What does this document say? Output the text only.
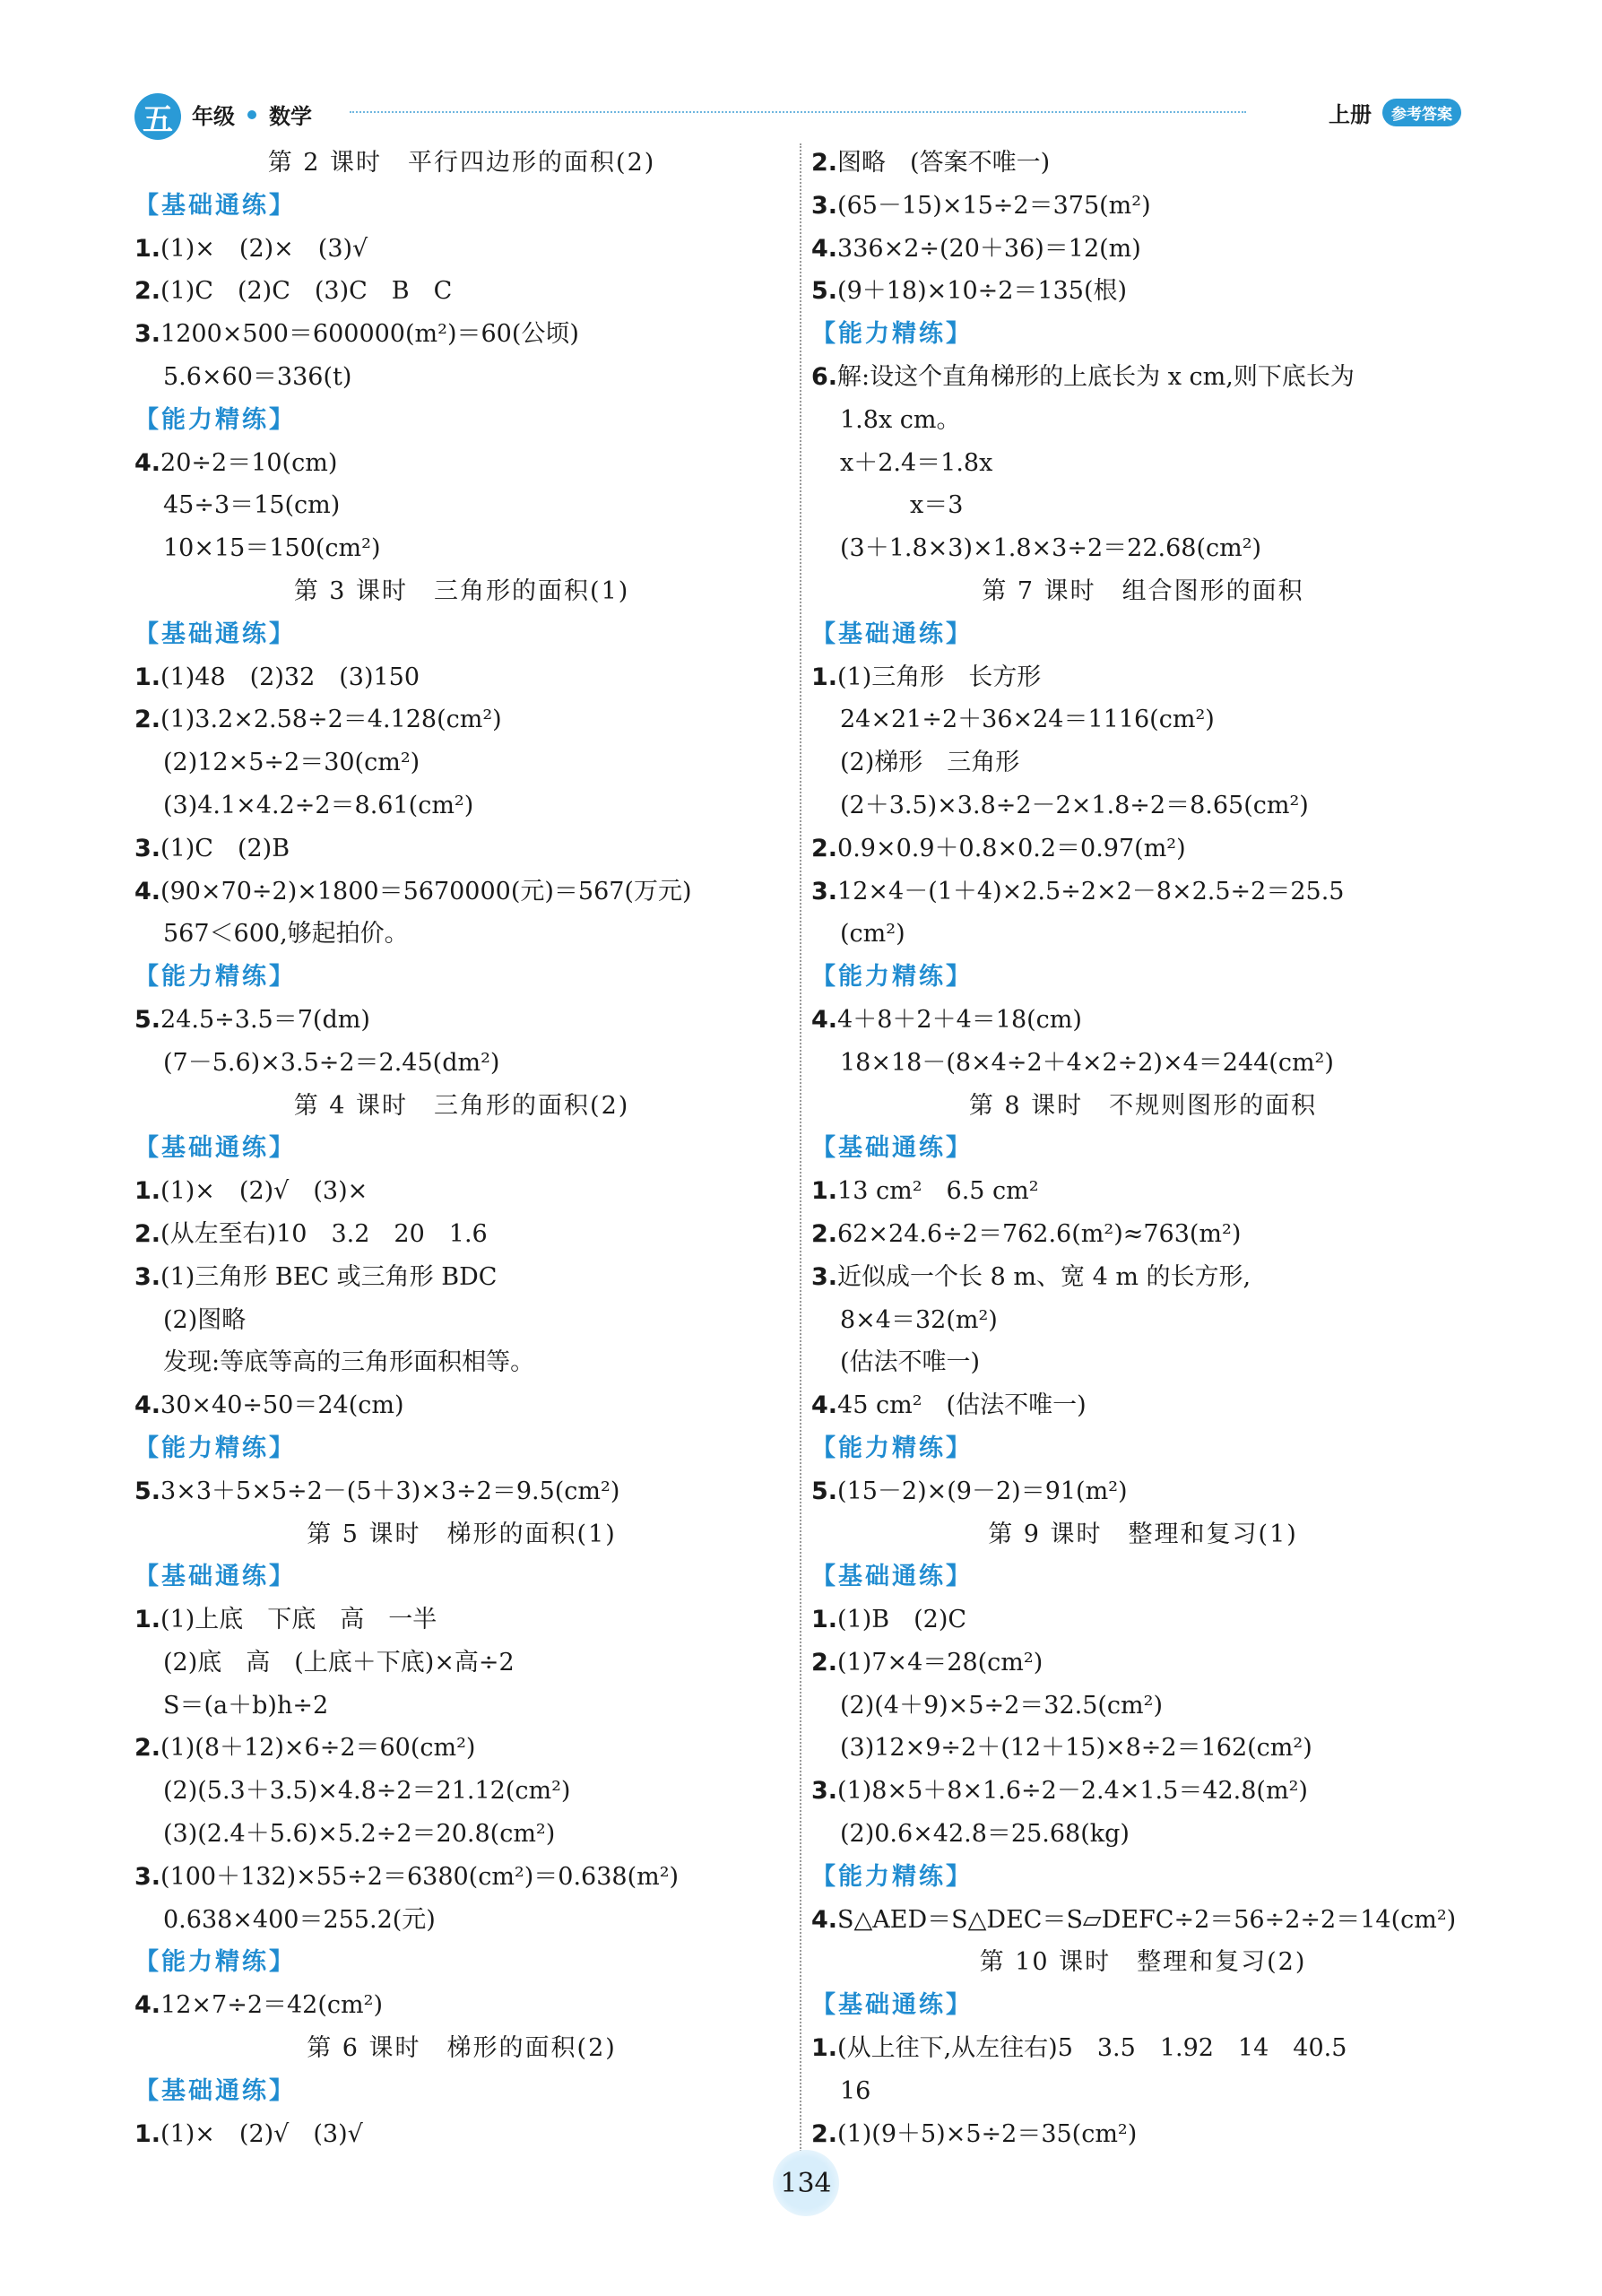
五 年级 数学	上册	参考答案
第 2 课时　平行四边形的面积(2)
【基础通练】
1.(1)×　(2)×　(3)√
2.(1)C　(2)C　(3)C　B　C
3.1200×500＝600000(m²)＝60(公顷)
5.6×60＝336(t)
【能力精练】
4.20÷2＝10(cm)
45÷3＝15(cm)
10×15＝150(cm²)
第 3 课时　三角形的面积(1)
【基础通练】
1.(1)48　(2)32　(3)150
2.(1)3.2×2.58÷2＝4.128(cm²)
(2)12×5÷2＝30(cm²)
(3)4.1×4.2÷2＝8.61(cm²)
3.(1)C　(2)B
4.(90×70÷2)×1800＝5670000(元)＝567(万元)
567＜600,够起拍价。
【能力精练】
5.24.5÷3.5＝7(dm)
(7－5.6)×3.5÷2＝2.45(dm²)
第 4 课时　三角形的面积(2)
【基础通练】
1.(1)×　(2)√　(3)×
2.(从左至右)10　3.2　20　1.6
3.(1)三角形 BEC 或三角形 BDC
(2)图略
发现:等底等高的三角形面积相等。
4.30×40÷50＝24(cm)
【能力精练】
5.3×3＋5×5÷2－(5＋3)×3÷2＝9.5(cm²)
第 5 课时　梯形的面积(1)
【基础通练】
1.(1)上底　下底　高　一半
(2)底　高　(上底＋下底)×高÷2
S＝(a＋b)h÷2
2.(1)(8＋12)×6÷2＝60(cm²)
(2)(5.3＋3.5)×4.8÷2＝21.12(cm²)
(3)(2.4＋5.6)×5.2÷2＝20.8(cm²)
3.(100＋132)×55÷2＝6380(cm²)＝0.638(m²)
0.638×400＝255.2(元)
【能力精练】
4.12×7÷2＝42(cm²)
第 6 课时　梯形的面积(2)
【基础通练】
1.(1)×　(2)√　(3)√
2.图略　(答案不唯一)
3.(65－15)×15÷2＝375(m²)
4.336×2÷(20＋36)＝12(m)
5.(9＋18)×10÷2＝135(根)
【能力精练】
6.解:设这个直角梯形的上底长为 x cm,则下底长为
1.8x cm。
x＋2.4＝1.8x
x＝3
(3＋1.8×3)×1.8×3÷2＝22.68(cm²)
第 7 课时　组合图形的面积
【基础通练】
1.(1)三角形　长方形
24×21÷2＋36×24＝1116(cm²)
(2)梯形　三角形
(2＋3.5)×3.8÷2－2×1.8÷2＝8.65(cm²)
2.0.9×0.9＋0.8×0.2＝0.97(m²)
3.12×4－(1＋4)×2.5÷2×2－8×2.5÷2＝25.5
(cm²)
【能力精练】
4.4＋8＋2＋4＝18(cm)
18×18－(8×4÷2＋4×2÷2)×4＝244(cm²)
第 8 课时　不规则图形的面积
【基础通练】
1.13 cm²　6.5 cm²
2.62×24.6÷2＝762.6(m²)≈763(m²)
3.近似成一个长 8 m、宽 4 m 的长方形,
8×4＝32(m²)
(估法不唯一)
4.45 cm²　(估法不唯一)
【能力精练】
5.(15－2)×(9－2)＝91(m²)
第 9 课时　整理和复习(1)
【基础通练】
1.(1)B　(2)C
2.(1)7×4＝28(cm²)
(2)(4＋9)×5÷2＝32.5(cm²)
(3)12×9÷2＋(12＋15)×8÷2＝162(cm²)
3.(1)8×5＋8×1.6÷2－2.4×1.5＝42.8(m²)
(2)0.6×42.8＝25.68(kg)
【能力精练】
4.S△AED＝S△DEC＝S▱DEFC÷2＝56÷2÷2＝14(cm²)
第 10 课时　整理和复习(2)
【基础通练】
1.(从上往下,从左往右)5　3.5　1.92　14　40.5
16
2.(1)(9＋5)×5÷2＝35(cm²)
134
